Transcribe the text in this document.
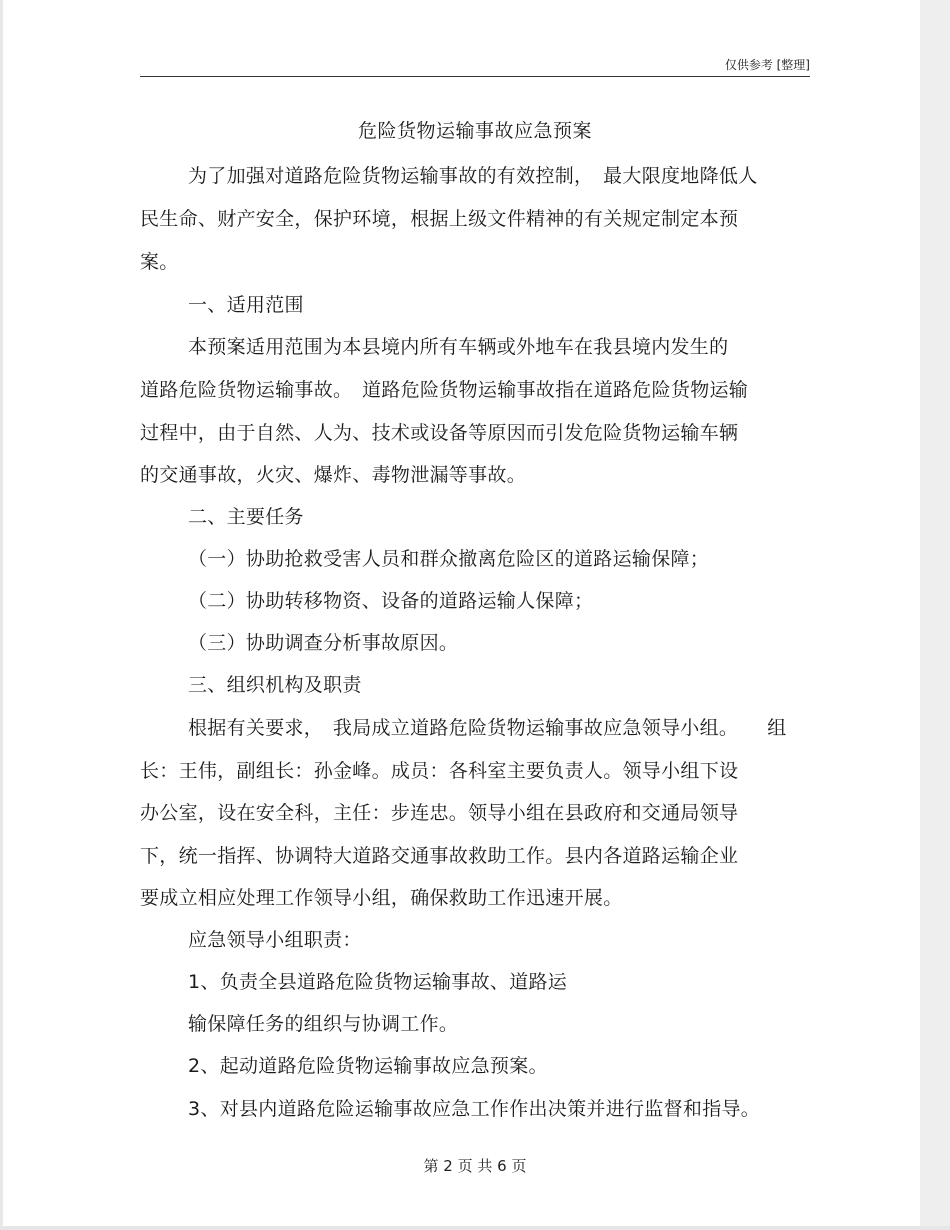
仅供参考 [整理]
危险货物运输事故应急预案
为了加强对道路危险货物运输事故的有效控制，　最大限度地降低人
民生命、财产安全，保护环境，根据上级文件精神的有关规定制定本预
案。
一、适用范围
本预案适用范围为本县境内所有车辆或外地车在我县境内发生的
道路危险货物运输事故。　道路危险货物运输事故指在道路危险货物运输
过程中，由于自然、人为、技术或设备等原因而引发危险货物运输车辆
的交通事故，火灾、爆炸、毒物泄漏等事故。
二、主要任务
（一）协助抢救受害人员和群众撤离危险区的道路运输保障；
（二）协助转移物资、设备的道路运输人保障；
（三）协助调查分析事故原因。
三、组织机构及职责
根据有关要求，　我局成立道路危险货物运输事故应急领导小组。　　组
长：王伟，副组长：孙金峰。成员：各科室主要负责人。领导小组下设
办公室，设在安全科，主任：步连忠。领导小组在县政府和交通局领导
下，统一指挥、协调特大道路交通事故救助工作。县内各道路运输企业
要成立相应处理工作领导小组，确保救助工作迅速开展。
应急领导小组职责：
1、负责全县道路危险货物运输事故、道路运
输保障任务的组织与协调工作。
2、起动道路危险货物运输事故应急预案。
3、对县内道路危险运输事故应急工作作出决策并进行监督和指导。
第 2 页 共 6 页
